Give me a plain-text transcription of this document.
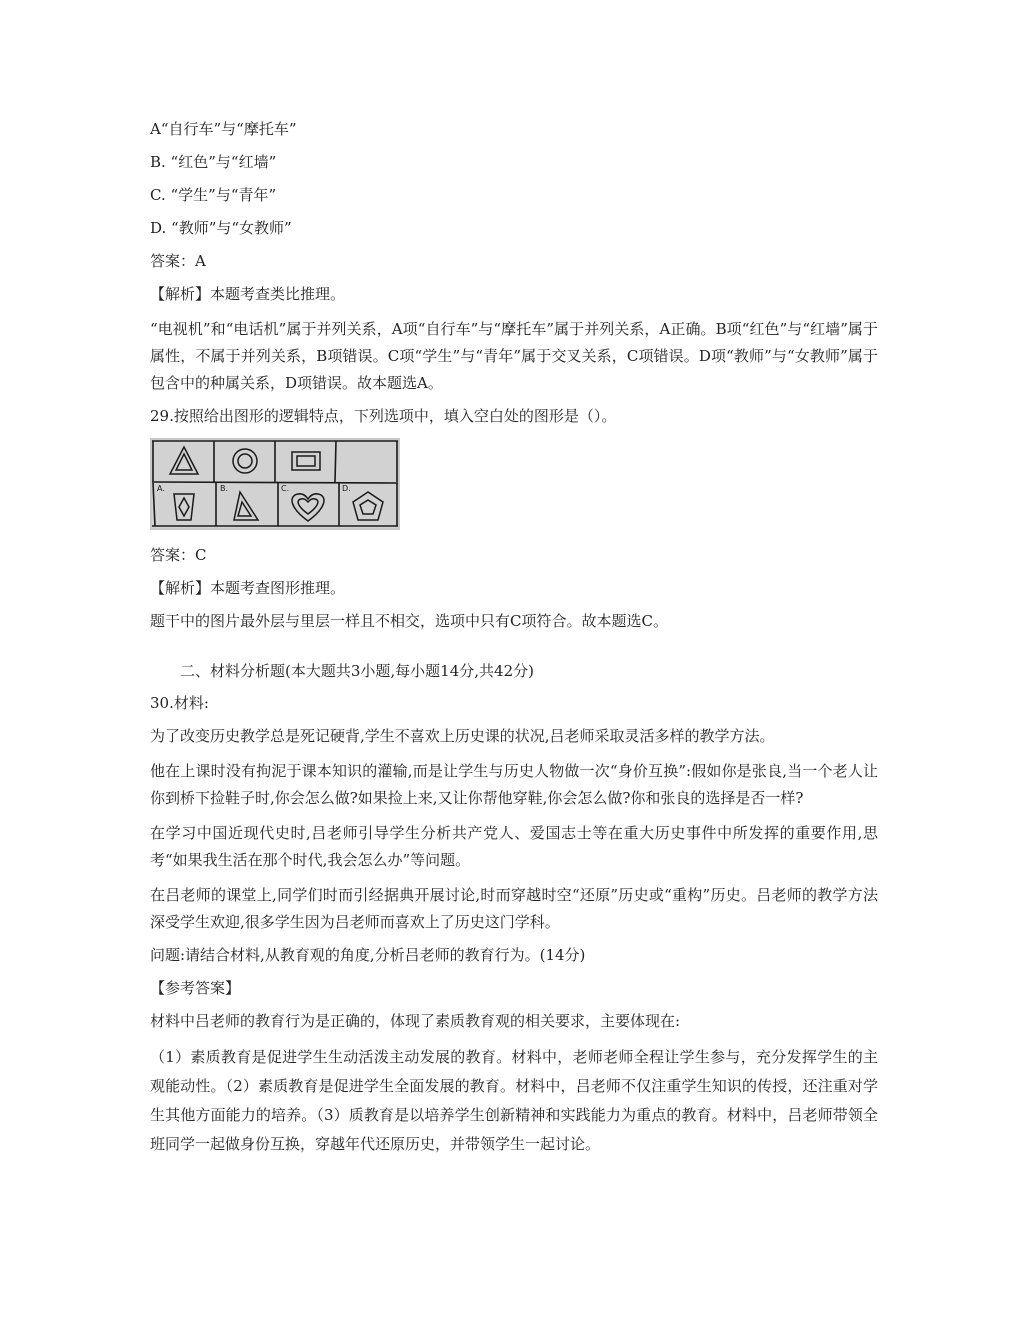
A“自行车”与“摩托车”

B. “红色”与“红墙”

C. “学生”与“青年”

D. “教师”与“女教师”

答案：A

【解析】本题考查类比推理。

“电视机”和“电话机”属于并列关系，A项“自行车”与“摩托车”属于并列关系，A正确。B项“红色”与“红墙”属于属性，不属于并列关系，B项错误。C项“学生”与“青年”属于交叉关系，C项错误。D项“教师”与“女教师”属于包含中的种属关系，D项错误。故本题选A。

29.按照给出图形的逻辑特点，下列选项中，填入空白处的图形是（）。

A.	B.	C.	D.

答案：C

【解析】本题考查图形推理。

题干中的图片最外层与里层一样且不相交，选项中只有C项符合。故本题选C。

二、材料分析题(本大题共3小题,每小题14分,共42分)

30.材料:

为了改变历史教学总是死记硬背,学生不喜欢上历史课的状况,吕老师采取灵活多样的教学方法。

他在上课时没有拘泥于课本知识的灌输,而是让学生与历史人物做一次“身价互换”:假如你是张良,当一个老人让你到桥下捡鞋子时,你会怎么做?如果捡上来,又让你帮他穿鞋,你会怎么做?你和张良的选择是否一样?

在学习中国近现代史时,吕老师引导学生分析共产党人、爱国志士等在重大历史事件中所发挥的重要作用,思考“如果我生活在那个时代,我会怎么办”等问题。

在吕老师的课堂上,同学们时而引经据典开展讨论,时而穿越时空“还原”历史或“重构”历史。吕老师的教学方法深受学生欢迎,很多学生因为吕老师而喜欢上了历史这门学科。

问题:请结合材料,从教育观的角度,分析吕老师的教育行为。(14分)

【参考答案】

材料中吕老师的教育行为是正确的，体现了素质教育观的相关要求，主要体现在:

（1）素质教育是促进学生生动活泼主动发展的教育。材料中，老师老师全程让学生参与，充分发挥学生的主观能动性。（2）素质教育是促进学生全面发展的教育。材料中，吕老师不仅注重学生知识的传授，还注重对学生其他方面能力的培养。（3）质教育是以培养学生创新精神和实践能力为重点的教育。材料中，吕老师带领全班同学一起做身份互换，穿越年代还原历史，并带领学生一起讨论。
